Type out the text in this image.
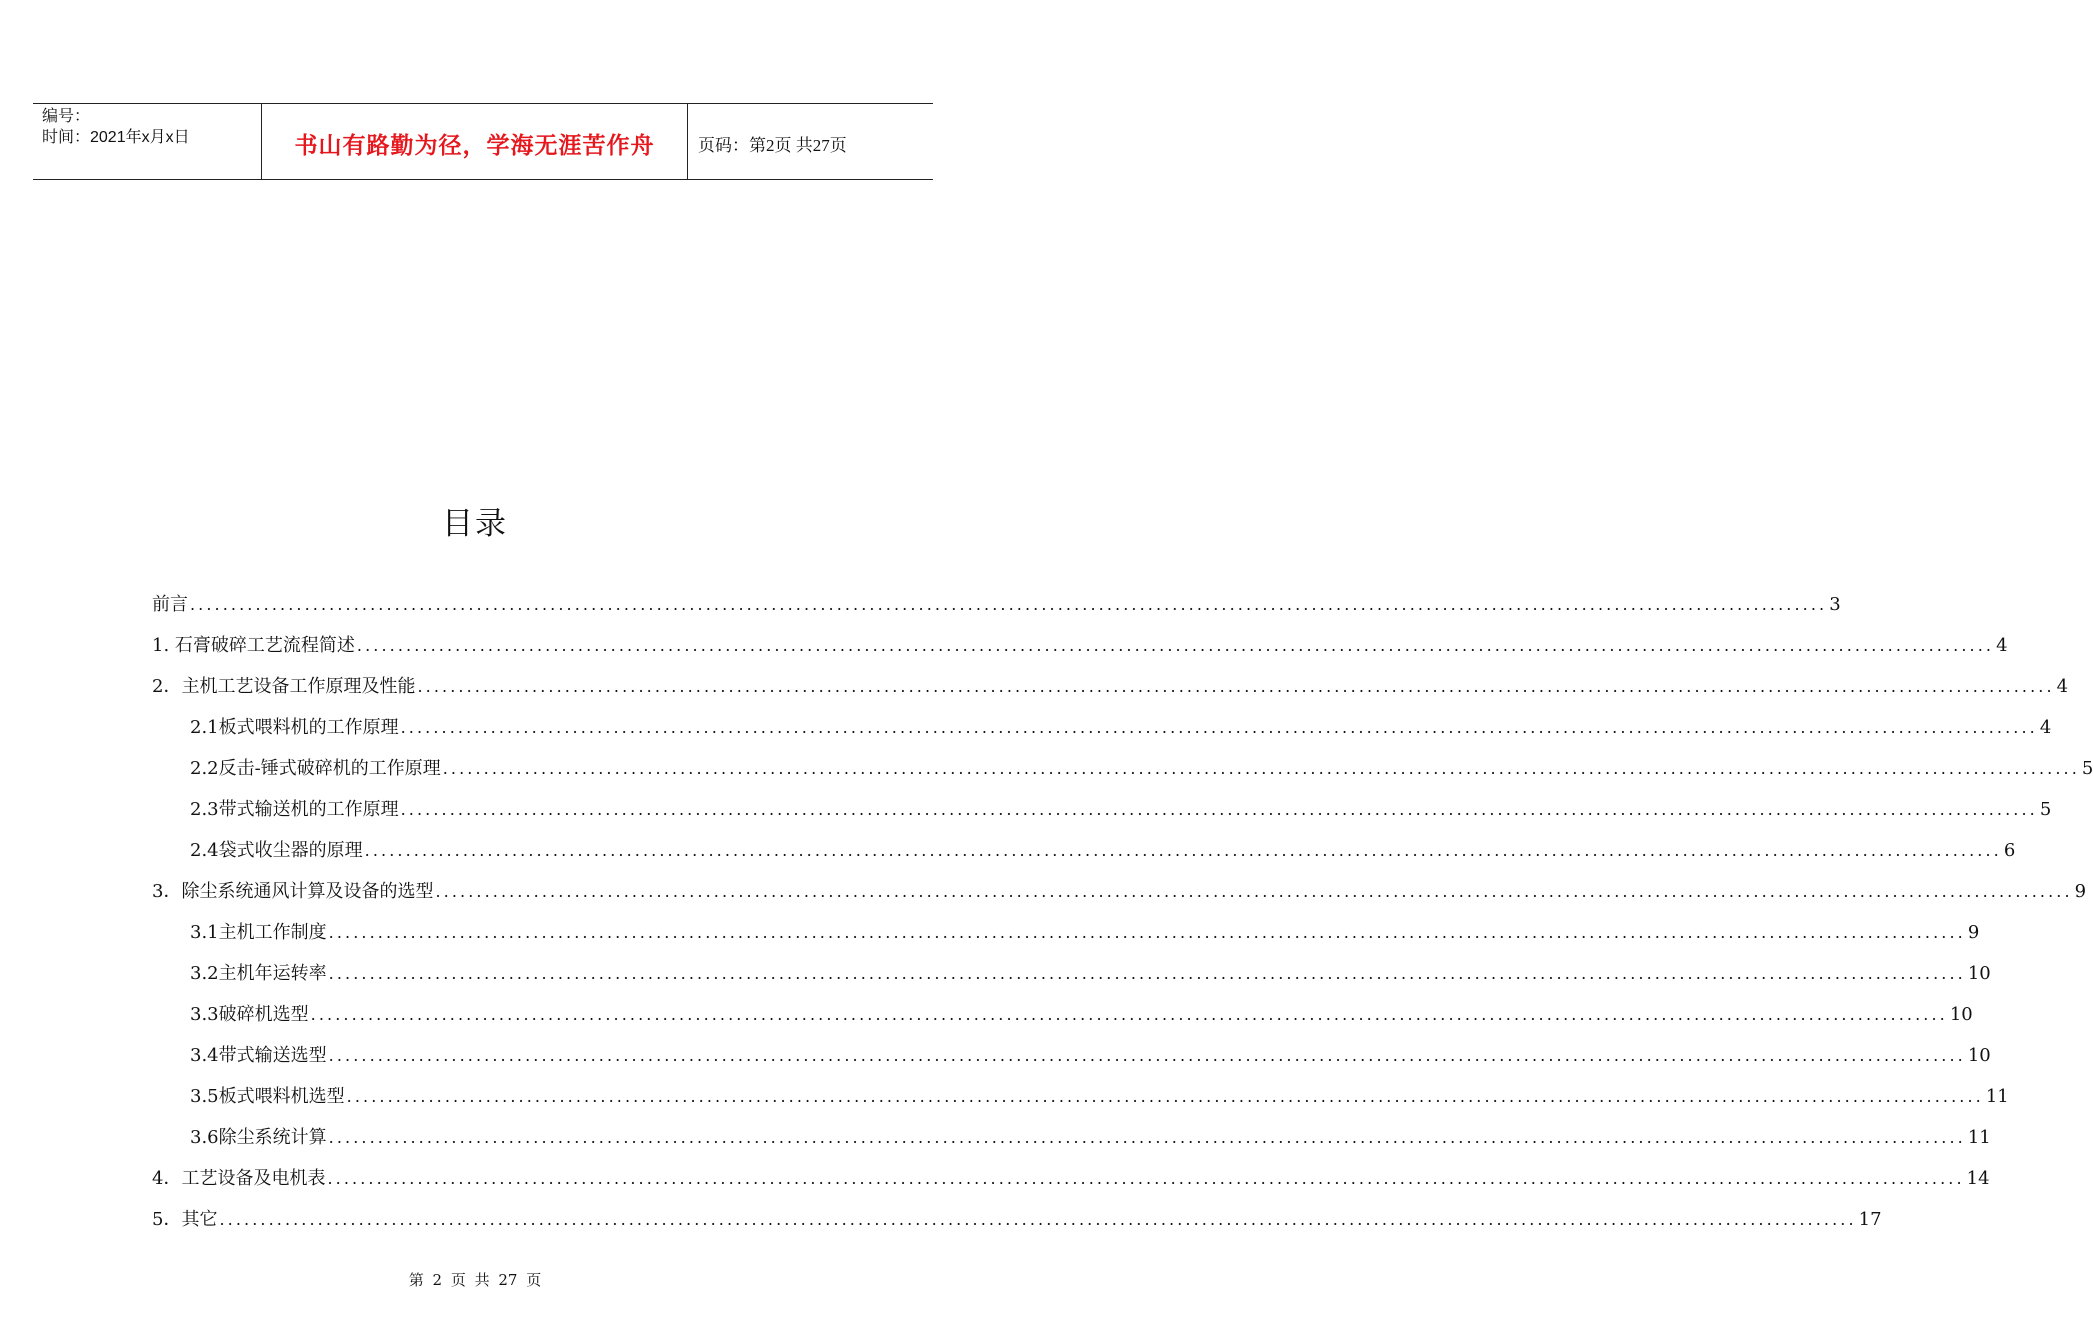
编号：
时间：2021年x月x日	书山有路勤为径，学海无涯苦作舟	页码：第2页 共27页
目录
前言 ........................................................................................................................................................................................................ 3
1. 石膏破碎工艺流程简述 ........................................................................................................................................................................................................ 4
2．主机工艺设备工作原理及性能 ........................................................................................................................................................................................................ 4
2.1板式喂料机的工作原理 ........................................................................................................................................................................................................ 4
2.2反击-锤式破碎机的工作原理 ........................................................................................................................................................................................................ 5
2.3带式输送机的工作原理 ........................................................................................................................................................................................................ 5
2.4袋式收尘器的原理 ........................................................................................................................................................................................................ 6
3．除尘系统通风计算及设备的选型 ........................................................................................................................................................................................................ 9
3.1主机工作制度 ........................................................................................................................................................................................................ 9
3.2主机年运转率 ........................................................................................................................................................................................................ 10
3.3破碎机选型 ........................................................................................................................................................................................................ 10
3.4带式输送选型 ........................................................................................................................................................................................................ 10
3.5板式喂料机选型 ........................................................................................................................................................................................................ 11
3.6除尘系统计算 ........................................................................................................................................................................................................ 11
4．工艺设备及电机表 ........................................................................................................................................................................................................ 14
5．其它 ........................................................................................................................................................................................................ 17
第 2 页 共 27 页
